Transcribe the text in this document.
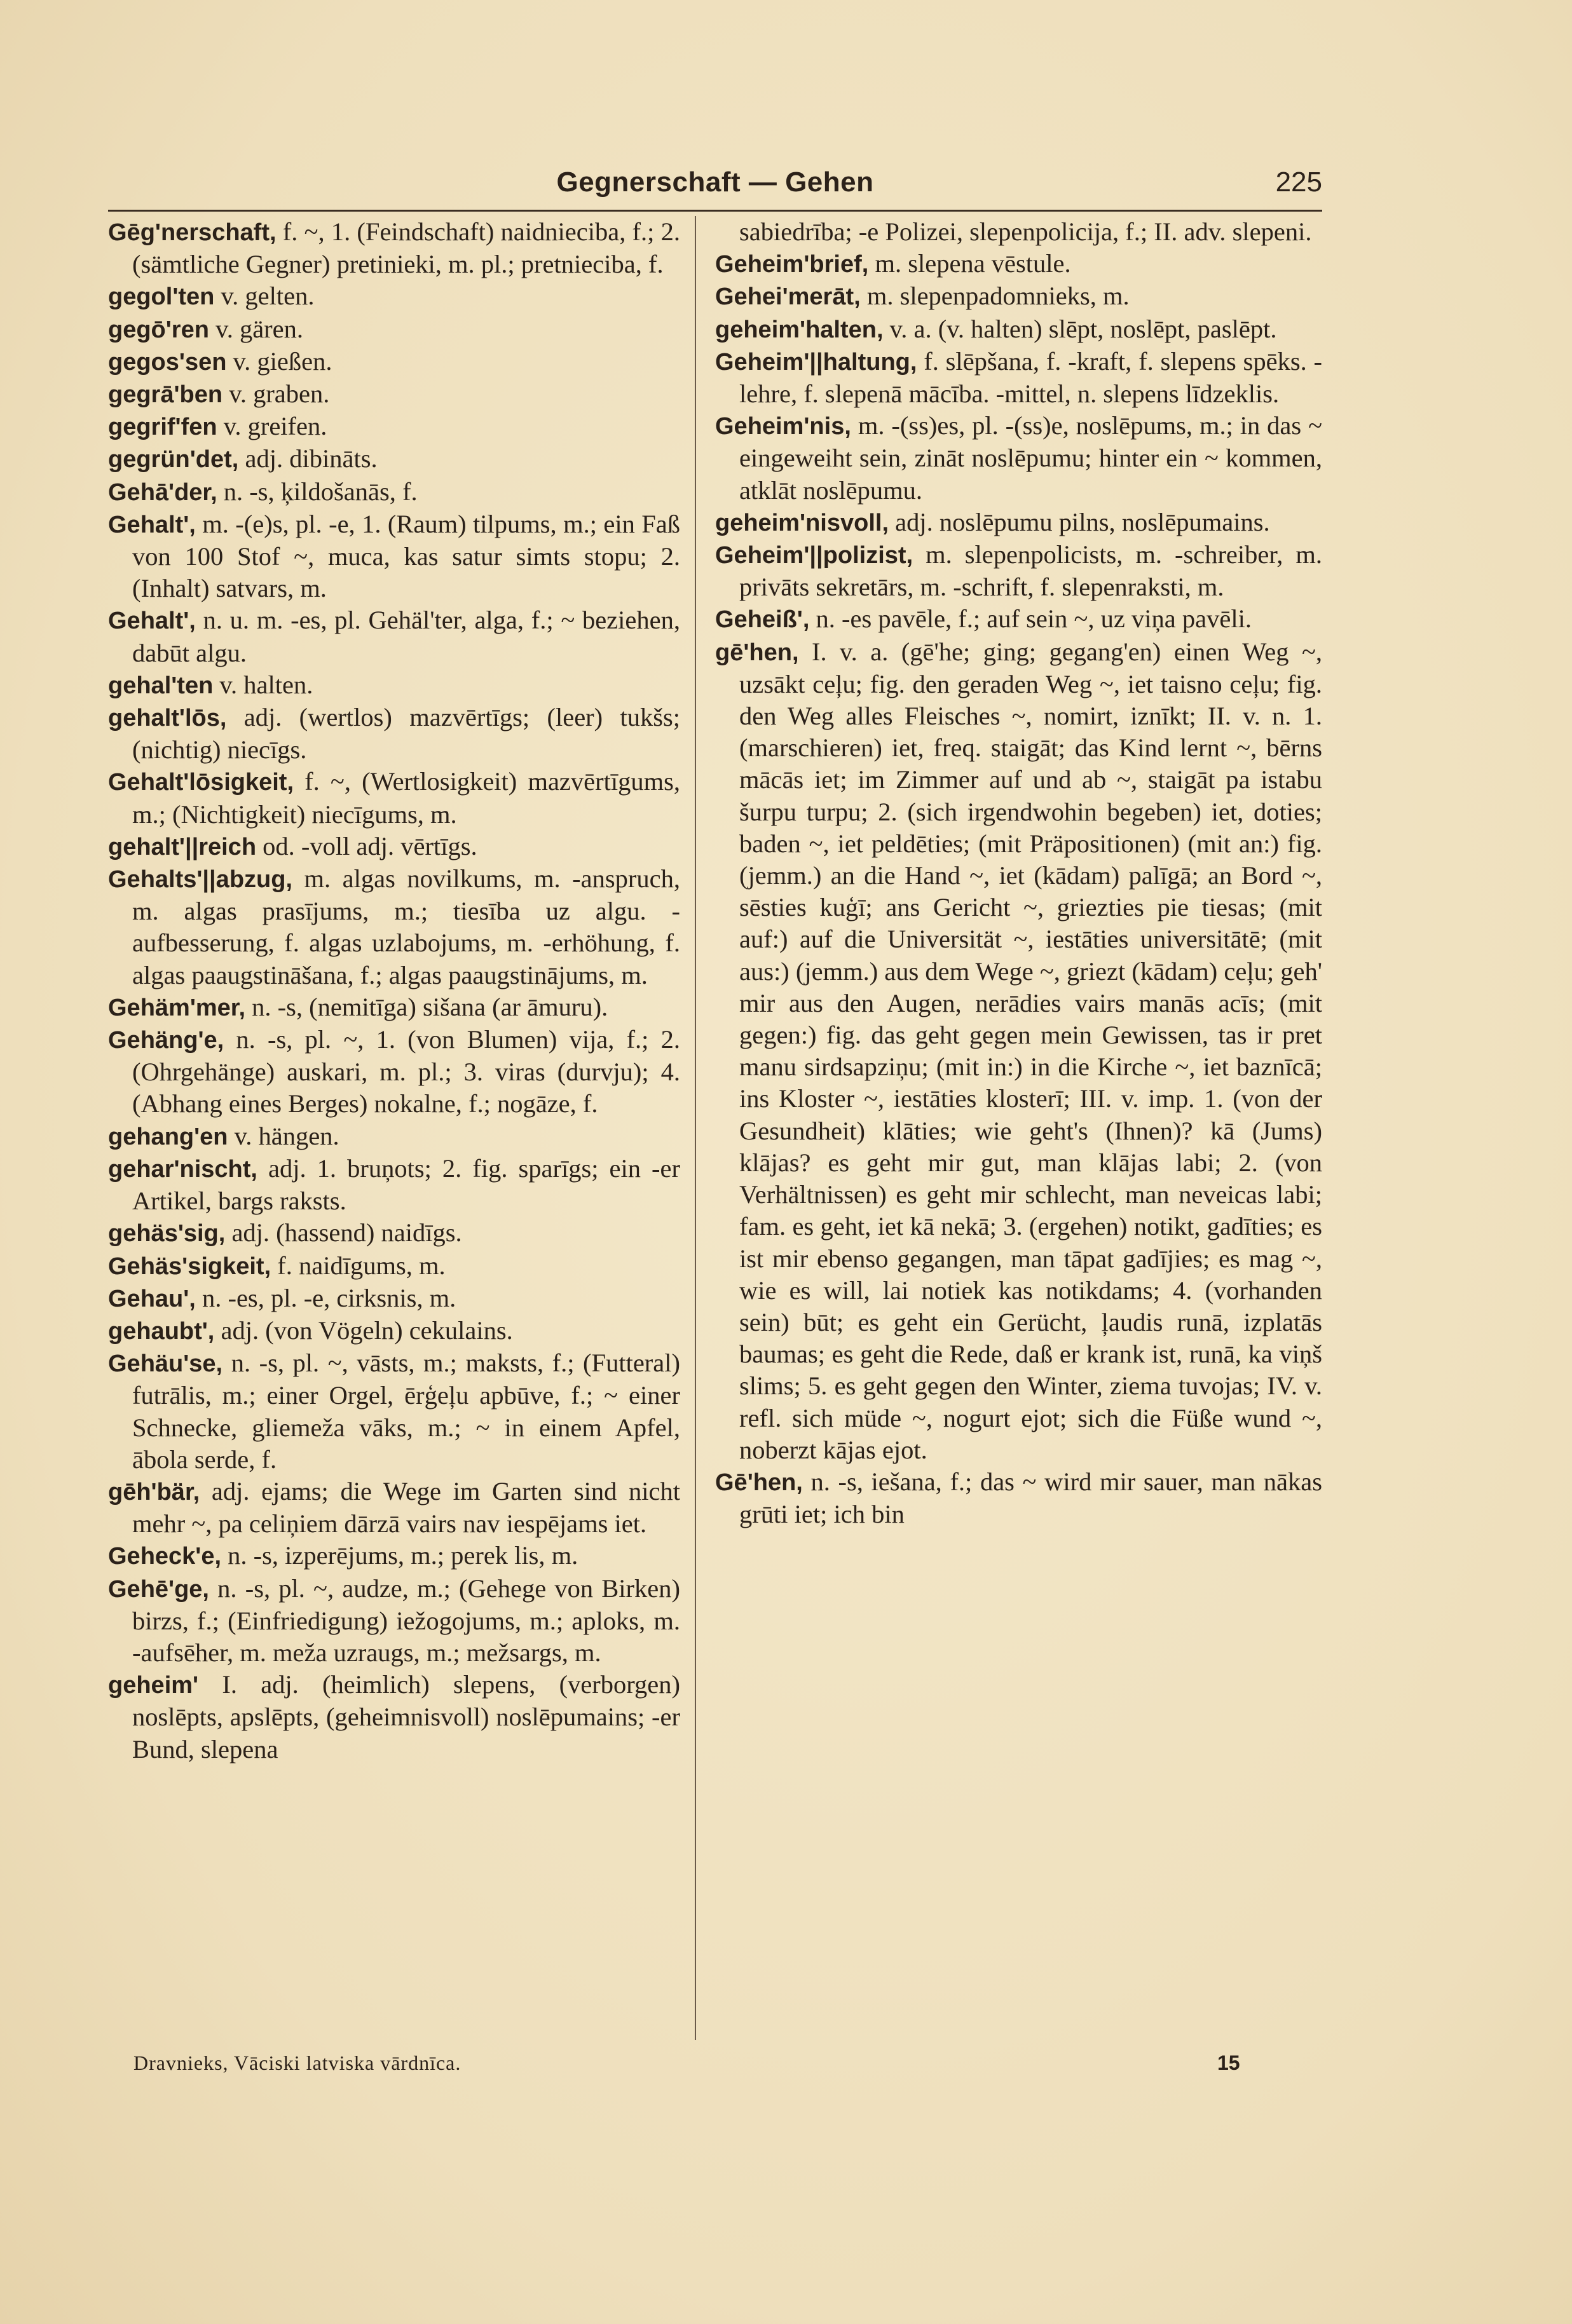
Gegnerschaft — Gehen	225

Gēg'nerschaft, f. ~, 1. (Feindschaft) naidnieciba, f.; 2. (sämtliche Gegner) pretinieki, m. pl.; pretnieciba, f.

gegol'ten v. gelten.

gegō'ren v. gären.

gegos'sen v. gießen.

gegrā'ben v. graben.

gegrif'fen v. greifen.

gegrün'det, adj. dibināts.

Gehā'der, n. -s, ķildošanās, f.

Gehalt', m. -(e)s, pl. -e, 1. (Raum) tilpums, m.; ein Faß von 100 Stof ~, muca, kas satur simts stopu; 2. (Inhalt) satvars, m.

Gehalt', n. u. m. -es, pl. Gehäl'ter, alga, f.; ~ beziehen, dabūt algu.

gehal'ten v. halten.

gehalt'lōs, adj. (wertlos) mazvērtīgs; (leer) tukšs; (nichtig) niecīgs.

Gehalt'lōsigkeit, f. ~, (Wertlosigkeit) mazvērtīgums, m.; (Nichtigkeit) niecīgums, m.

gehalt'||reich od. -voll adj. vērtīgs.

Gehalts'||abzug, m. algas novilkums, m. -anspruch, m. algas prasījums, m.; tiesība uz algu. -aufbesserung, f. algas uzlabojums, m. -erhöhung, f. algas paaugstināšana, f.; algas paaugstinājums, m.

Gehäm'mer, n. -s, (nemitīga) sišana (ar āmuru).

Gehäng'e, n. -s, pl. ~, 1. (von Blumen) vija, f.; 2. (Ohrgehänge) auskari, m. pl.; 3. viras (durvju); 4. (Abhang eines Berges) nokalne, f.; nogāze, f.

gehang'en v. hängen.

gehar'nischt, adj. 1. bruņots; 2. fig. sparīgs; ein -er Artikel, bargs raksts.

gehäs'sig, adj. (hassend) naidīgs.

Gehäs'sigkeit, f. naidīgums, m.

Gehau', n. -es, pl. -e, cirksnis, m.

gehaubt', adj. (von Vögeln) cekulains.

Gehäu'se, n. -s, pl. ~, vāsts, m.; maksts, f.; (Futteral) futrālis, m.; einer Orgel, ērģeļu apbūve, f.; ~ einer Schnecke, gliemeža vāks, m.; ~ in einem Apfel, ābola serde, f.

gēh'bär, adj. ejams; die Wege im Garten sind nicht mehr ~, pa celiņiem dārzā vairs nav iespējams iet.

Geheck'e, n. -s, izperējums, m.; perek lis, m.

Gehē'ge, n. -s, pl. ~, audze, m.; (Gehege von Birken) birzs, f.; (Einfriedigung) iežogojums, m.; aploks, m. -aufsēher, m. meža uzraugs, m.; mežsargs, m.

geheim' I. adj. (heimlich) slepens, (verborgen) noslēpts, apslēpts, (geheimnisvoll) noslēpumains; -er Bund, slepena

sabiedrība; -e Polizei, slepenpolicija, f.; II. adv. slepeni.

Geheim'brief, m. slepena vēstule.

Gehei'merāt, m. slepenpadomnieks, m.

geheim'halten, v. a. (v. halten) slēpt, noslēpt, paslēpt.

Geheim'||haltung, f. slēpšana, f. -kraft, f. slepens spēks. -lehre, f. slepenā mācība. -mittel, n. slepens līdzeklis.

Geheim'nis, m. -(ss)es, pl. -(ss)e, noslēpums, m.; in das ~ eingeweiht sein, zināt noslēpumu; hinter ein ~ kommen, atklāt noslēpumu.

geheim'nisvoll, adj. noslēpumu pilns, noslēpumains.

Geheim'||polizist, m. slepenpolicists, m. -schreiber, m. privāts sekretārs, m. -schrift, f. slepenraksti, m.

Geheiß', n. -es pavēle, f.; auf sein ~, uz viņa pavēli.

gē'hen, I. v. a. (gē'he; ging; gegang'en) einen Weg ~, uzsākt ceļu; fig. den geraden Weg ~, iet taisno ceļu; fig. den Weg alles Fleisches ~, nomirt, iznīkt; II. v. n. 1. (marschieren) iet, freq. staigāt; das Kind lernt ~, bērns mācās iet; im Zimmer auf und ab ~, staigāt pa istabu šurpu turpu; 2. (sich irgendwohin begeben) iet, doties; baden ~, iet peldēties; (mit Präpositionen) (mit an:) fig. (jemm.) an die Hand ~, iet (kādam) palīgā; an Bord ~, sēsties kuģī; ans Gericht ~, griezties pie tiesas; (mit auf:) auf die Universität ~, iestāties universitātē; (mit aus:) (jemm.) aus dem Wege ~, griezt (kādam) ceļu; geh' mir aus den Augen, nerādies vairs manās acīs; (mit gegen:) fig. das geht gegen mein Gewissen, tas ir pret manu sirdsapziņu; (mit in:) in die Kirche ~, iet baznīcā; ins Kloster ~, iestāties klosterī; III. v. imp. 1. (von der Gesundheit) klāties; wie geht's (Ihnen)? kā (Jums) klājas? es geht mir gut, man klājas labi; 2. (von Verhältnissen) es geht mir schlecht, man neveicas labi; fam. es geht, iet kā nekā; 3. (ergehen) notikt, gadīties; es ist mir ebenso gegangen, man tāpat gadījies; es mag ~, wie es will, lai notiek kas notikdams; 4. (vorhanden sein) būt; es geht ein Gerücht, ļaudis runā, izplatās baumas; es geht die Rede, daß er krank ist, runā, ka viņš slims; 5. es geht gegen den Winter, ziema tuvojas; IV. v. refl. sich müde ~, nogurt ejot; sich die Füße wund ~, noberzt kājas ejot.

Gē'hen, n. -s, iešana, f.; das ~ wird mir sauer, man nākas grūti iet; ich bin

Dravnieks, Vāciski latviska vārdnīca.	15
